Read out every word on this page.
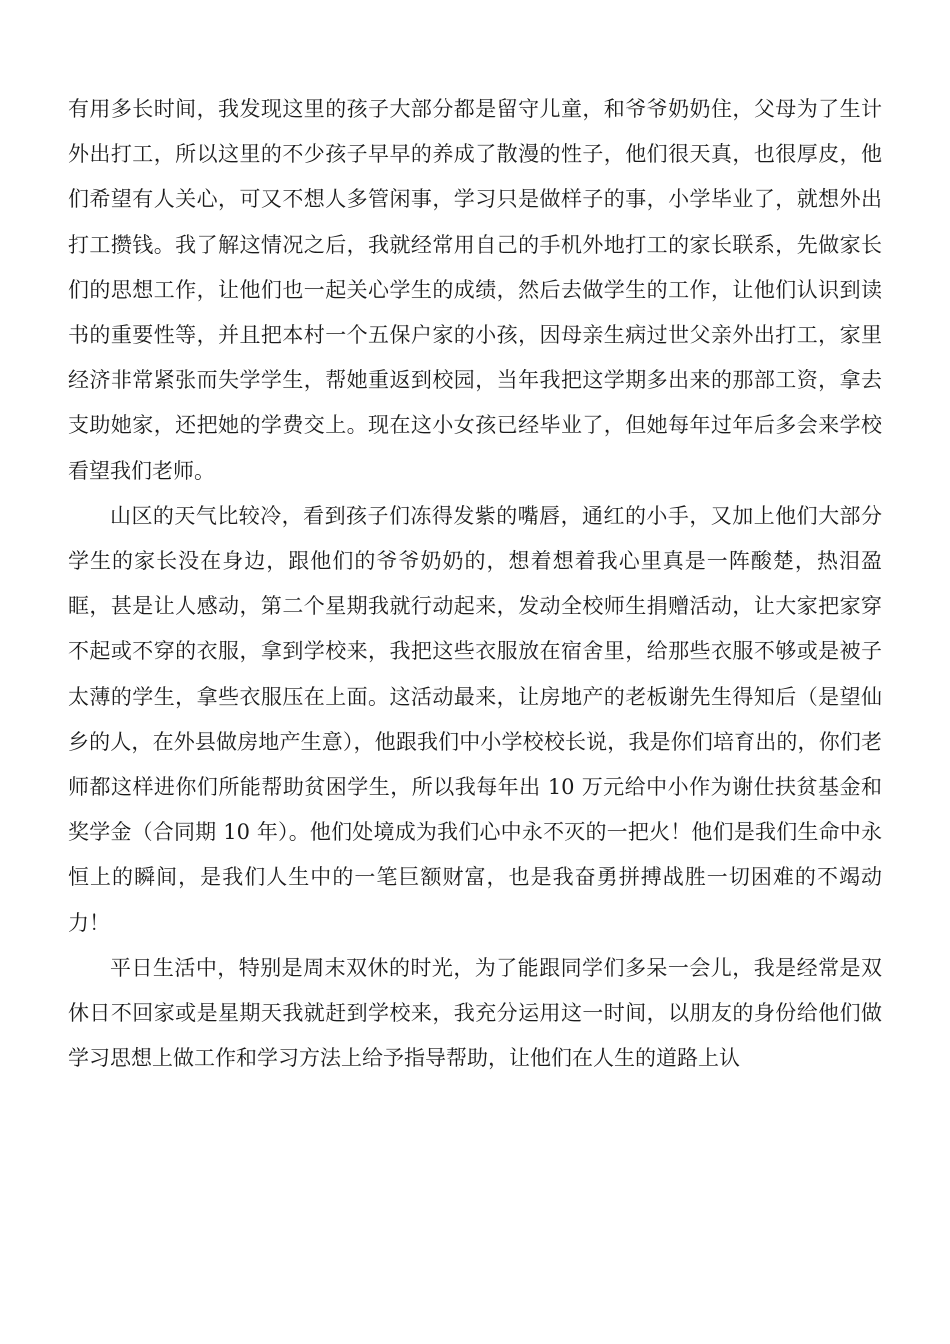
有用多长时间，我发现这里的孩子大部分都是留守儿童，和爷爷奶奶住，父母为了生计外出打工，所以这里的不少孩子早早的养成了散漫的性子，他们很天真，也很厚皮，他们希望有人关心，可又不想人多管闲事，学习只是做样子的事，小学毕业了，就想外出打工攒钱。我了解这情况之后，我就经常用自己的手机外地打工的家长联系，先做家长们的思想工作，让他们也一起关心学生的成绩，然后去做学生的工作，让他们认识到读书的重要性等，并且把本村一个五保户家的小孩，因母亲生病过世父亲外出打工，家里经济非常紧张而失学学生，帮她重返到校园，当年我把这学期多出来的那部工资，拿去支助她家，还把她的学费交上。现在这小女孩已经毕业了，但她每年过年后多会来学校看望我们老师。

山区的天气比较冷，看到孩子们冻得发紫的嘴唇，通红的小手，又加上他们大部分学生的家长没在身边，跟他们的爷爷奶奶的，想着想着我心里真是一阵酸楚，热泪盈眶，甚是让人感动，第二个星期我就行动起来，发动全校师生捐赠活动，让大家把家穿不起或不穿的衣服，拿到学校来，我把这些衣服放在宿舍里，给那些衣服不够或是被子太薄的学生，拿些衣服压在上面。这活动最来，让房地产的老板谢先生得知后（是望仙乡的人，在外县做房地产生意），他跟我们中小学校校长说，我是你们培育出的，你们老师都这样进你们所能帮助贫困学生，所以我每年出 10 万元给中小作为谢仕扶贫基金和奖学金（合同期 10 年）。他们处境成为我们心中永不灭的一把火！他们是我们生命中永恒上的瞬间，是我们人生中的一笔巨额财富，也是我奋勇拼搏战胜一切困难的不竭动力！

平日生活中，特别是周末双休的时光，为了能跟同学们多呆一会儿，我是经常是双休日不回家或是星期天我就赶到学校来，我充分运用这一时间，以朋友的身份给他们做学习思想上做工作和学习方法上给予指导帮助，让他们在人生的道路上认
